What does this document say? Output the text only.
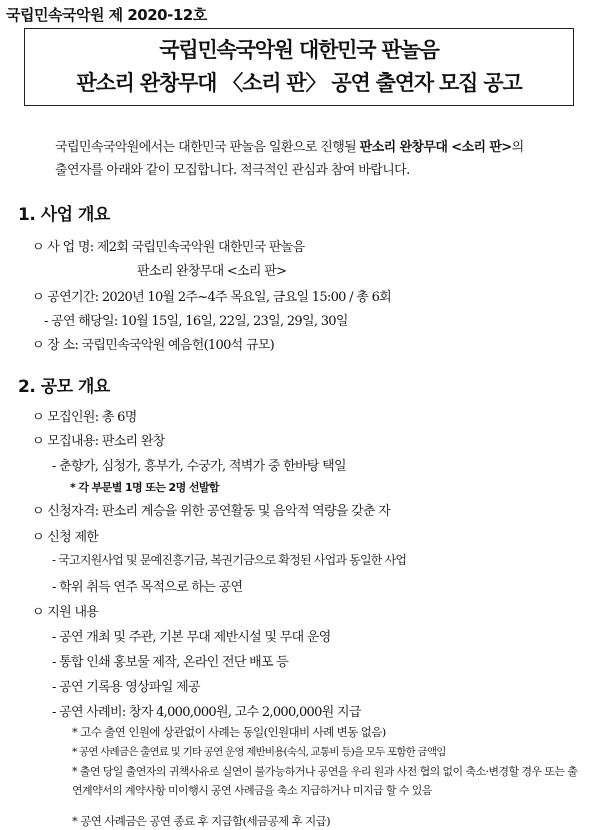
국립민속국악원 제 2020-12호
국립민속국악원 대한민국 판놀음
판소리 완창무대 〈소리 판〉 공연 출연자 모집 공고
국립민속국악원에서는 대한민국 판놀음 일환으로 진행될 판소리 완창무대 <소리 판>의
출연자를 아래와 같이 모집합니다. 적극적인 관심과 참여 바랍니다.
1. 사업 개요
ㅇ 사 업 명: 제2회 국립민속국악원 대한민국 판놀음
판소리 완창무대 <소리 판>
ㅇ 공연기간: 2020년 10월 2주~4주 목요일, 금요일 15:00 / 총 6회
- 공연 해당일: 10월 15일, 16일, 22일, 23일, 29일, 30일
ㅇ 장 소: 국립민속국악원 예음헌(100석 규모)
2. 공모 개요
ㅇ 모집인원: 총 6명
ㅇ 모집내용: 판소리 완창
- 춘향가, 심청가, 흥부가, 수궁가, 적벽가 중 한바탕 택일
* 각 부문별 1명 또는 2명 선발함
ㅇ 신청자격: 판소리 계승을 위한 공연활동 및 음악적 역량을 갖춘 자
ㅇ 신청 제한
- 국고지원사업 및 문예진흥기금, 복권기금으로 확정된 사업과 동일한 사업
- 학위 취득 연주 목적으로 하는 공연
ㅇ 지원 내용
- 공연 개최 및 주관, 기본 무대 제반시설 및 무대 운영
- 통합 인쇄 홍보물 제작, 온라인 전단 배포 등
- 공연 기록용 영상파일 제공
- 공연 사례비: 창자 4,000,000원, 고수 2,000,000원 지급
* 고수 출연 인원에 상관없이 사례는 동일(인원대비 사례 변동 없음)
* 공연 사례금은 출연료 및 기타 공연 운영 제반비용(숙식, 교통비 등)을 모두 포함한 금액임
* 출연 당일 출연자의 귀책사유로 실연이 불가능하거나 공연을 우리 원과 사전 협의 없이 축소·변경할 경우 또는 출연계약서의 계약사항 미이행시 공연 사례금을 축소 지급하거나 미지급 할 수 있음
* 공연 사례금은 공연 종료 후 지급함(세금공제 후 지급)
